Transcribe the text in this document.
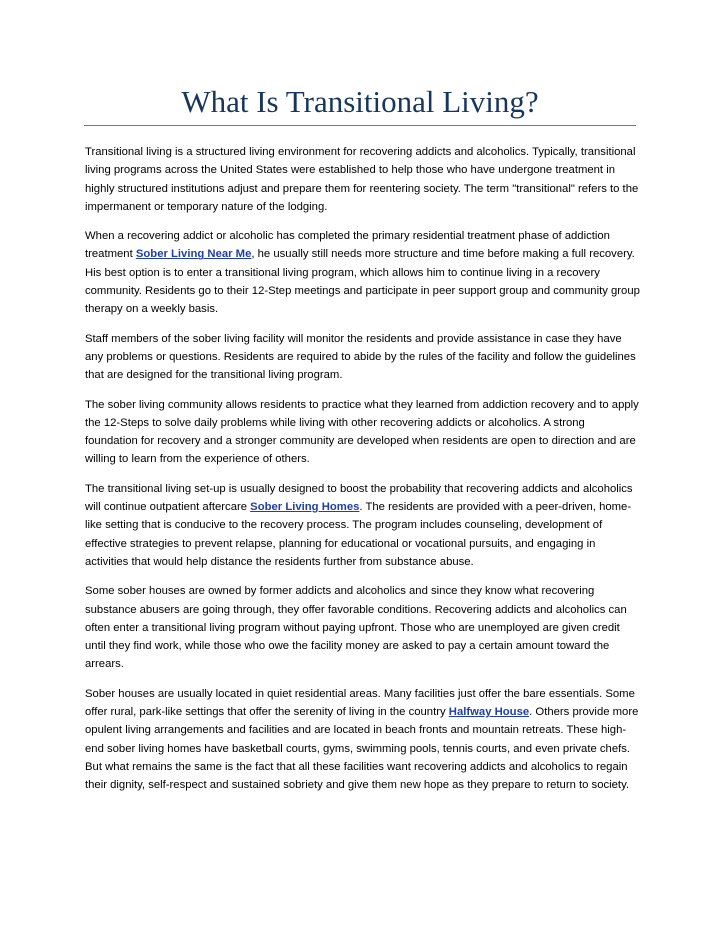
What Is Transitional Living?

Transitional living is a structured living environment for recovering addicts and alcoholics. Typically, transitional living programs across the United States were established to help those who have undergone treatment in highly structured institutions adjust and prepare them for reentering society. The term "transitional" refers to the impermanent or temporary nature of the lodging.

When a recovering addict or alcoholic has completed the primary residential treatment phase of addiction treatment Sober Living Near Me, he usually still needs more structure and time before making a full recovery. His best option is to enter a transitional living program, which allows him to continue living in a recovery community. Residents go to their 12-Step meetings and participate in peer support group and community group therapy on a weekly basis.

Staff members of the sober living facility will monitor the residents and provide assistance in case they have any problems or questions. Residents are required to abide by the rules of the facility and follow the guidelines that are designed for the transitional living program.

The sober living community allows residents to practice what they learned from addiction recovery and to apply the 12-Steps to solve daily problems while living with other recovering addicts or alcoholics. A strong foundation for recovery and a stronger community are developed when residents are open to direction and are willing to learn from the experience of others.

The transitional living set-up is usually designed to boost the probability that recovering addicts and alcoholics will continue outpatient aftercare Sober Living Homes. The residents are provided with a peer-driven, home-like setting that is conducive to the recovery process. The program includes counseling, development of effective strategies to prevent relapse, planning for educational or vocational pursuits, and engaging in activities that would help distance the residents further from substance abuse.

Some sober houses are owned by former addicts and alcoholics and since they know what recovering substance abusers are going through, they offer favorable conditions. Recovering addicts and alcoholics can often enter a transitional living program without paying upfront. Those who are unemployed are given credit until they find work, while those who owe the facility money are asked to pay a certain amount toward the arrears.

Sober houses are usually located in quiet residential areas. Many facilities just offer the bare essentials. Some offer rural, park-like settings that offer the serenity of living in the country Halfway House. Others provide more opulent living arrangements and facilities and are located in beach fronts and mountain retreats. These high-end sober living homes have basketball courts, gyms, swimming pools, tennis courts, and even private chefs. But what remains the same is the fact that all these facilities want recovering addicts and alcoholics to regain their dignity, self-respect and sustained sobriety and give them new hope as they prepare to return to society.
